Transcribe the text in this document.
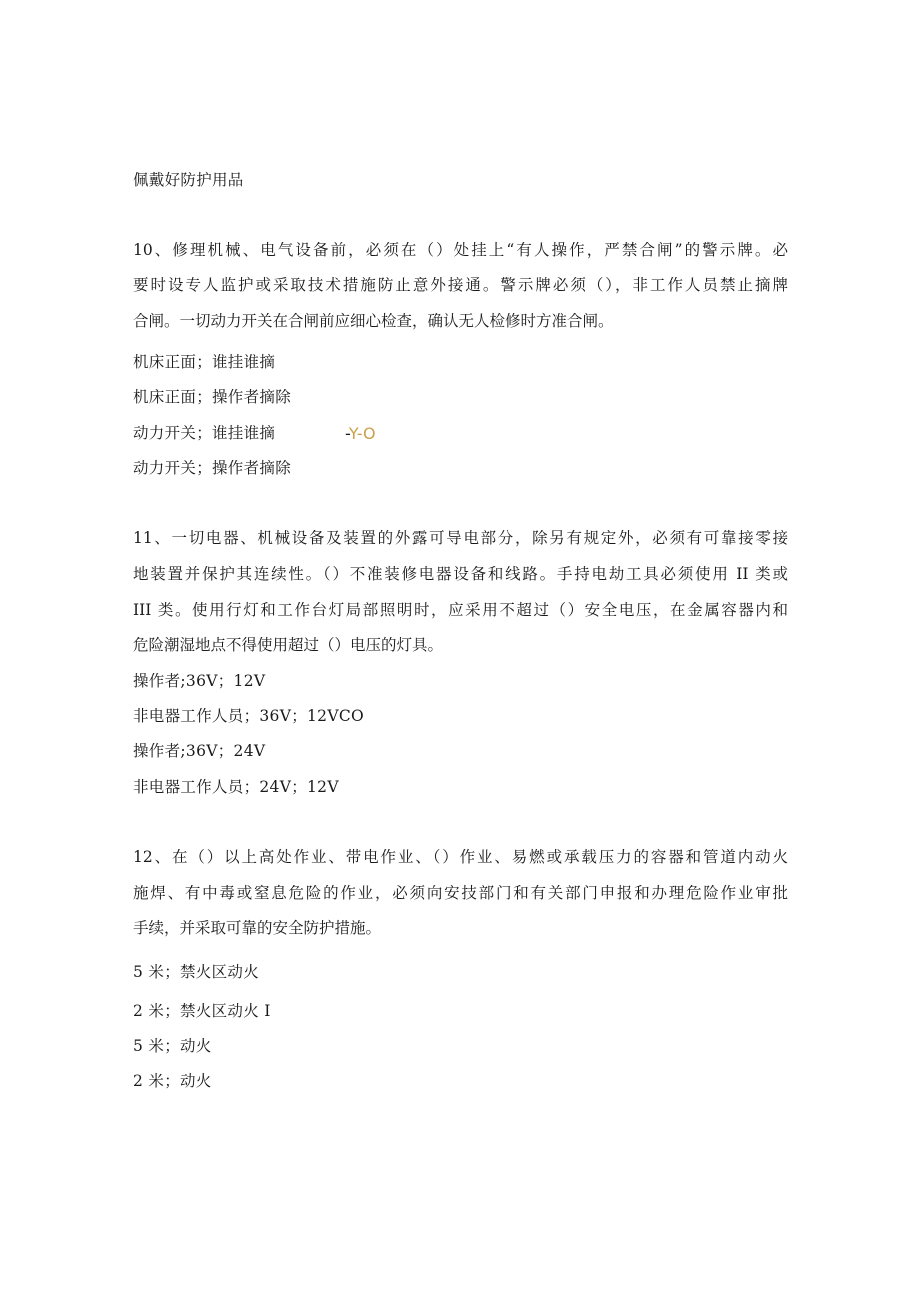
佩戴好防护用品
10、修理机械、电气设备前，必须在（）处挂上“有人操作，严禁合闸”的警示牌。必
要时设专人监护或采取技术措施防止意外接通。警示牌必须（），非工作人员禁止摘牌
合闸。一切动力开关在合闸前应细心检查，确认无人检修时方准合闸。
机床正面；谁挂谁摘
机床正面；操作者摘除
动力开关；谁挂谁摘
动力开关；操作者摘除
-Y-O
11、一切电器、机械设备及装置的外露可导电部分，除另有规定外，必须有可靠接零接
地装置并保护其连续性。（）不准装修电器设备和线路。手持电劫工具必须使用 II 类或
III 类。使用行灯和工作台灯局部照明时，应采用不超过（）安全电压，在金属容器内和
危险潮湿地点不得使用超过（）电压的灯具。
操作者;36V；12V
非电器工作人员；36V；12VCO
操作者;36V；24V
非电器工作人员；24V；12V
12、在（）以上高处作业、带电作业、（）作业、易燃或承载压力的容器和管道内动火
施焊、有中毒或窒息危险的作业，必须向安技部门和有关部门申报和办理危险作业审批
手续，并采取可靠的安全防护措施。
5 米；禁火区动火
2 米；禁火区动火 I
5 米；动火
2 米；动火
